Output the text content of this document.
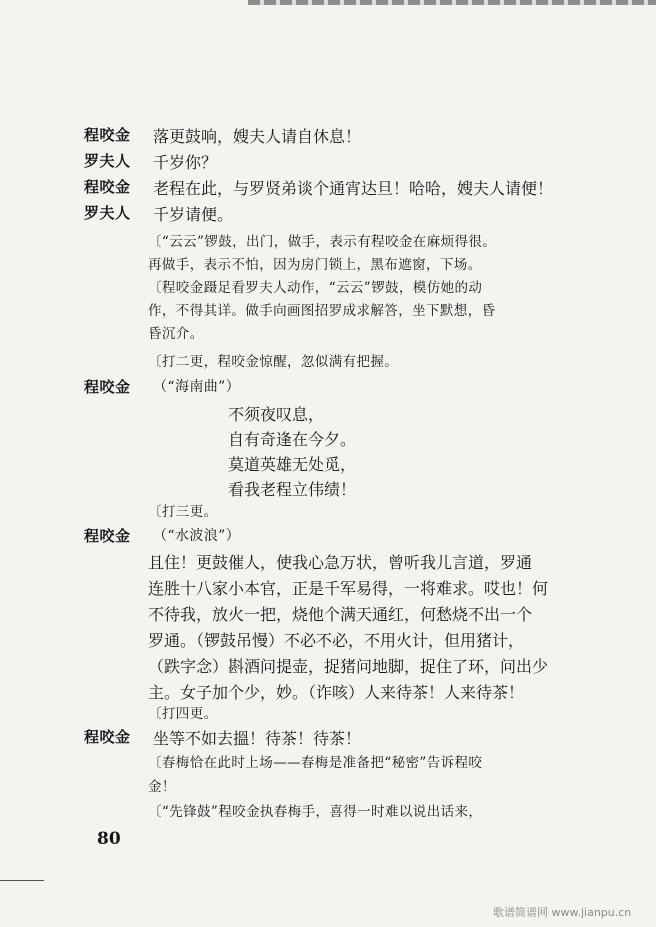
程咬金 落更鼓响，嫂夫人请自休息！
罗夫人 千岁你？
程咬金 老程在此，与罗贤弟谈个通宵达旦！哈哈，嫂夫人请便！
罗夫人 千岁请便。
〔“云云”锣鼓，出门，做手，表示有程咬金在麻烦得很。
再做手，表示不怕，因为房门锁上，黑布遮窗，下场。
〔程咬金蹑足看罗夫人动作，“云云”锣鼓，模仿她的动
作，不得其详。做手向画图招罗成求解答，坐下默想，昏
昏沉介。
〔打二更，程咬金惊醒，忽似满有把握。
程咬金 （“海南曲”）
不须夜叹息，
自有奇逢在今夕。
莫道英雄无处觅，
看我老程立伟绩！
〔打三更。
程咬金 （“水波浪”）
且住！更鼓催人，使我心急万状，曾听我儿言道，罗通
连胜十八家小本官，正是千军易得，一将难求。哎也！何
不待我，放火一把，烧他个满天通红，何愁烧不出一个
罗通。（锣鼓吊慢）不必不必，不用火计，但用猪计，
（跌字念）斟酒问提壶，捉猪问地脚，捉住了环，问出少
主。女子加个少，妙。（诈咳）人来待茶！人来待茶！
〔打四更。
程咬金 坐等不如去搵！待茶！待茶！
〔春梅恰在此时上场——春梅是准备把“秘密”告诉程咬
金！
〔“先锋鼓”程咬金执春梅手，喜得一时难以说出话来，
80
歌谱简谱网 www.jianpu.cn
